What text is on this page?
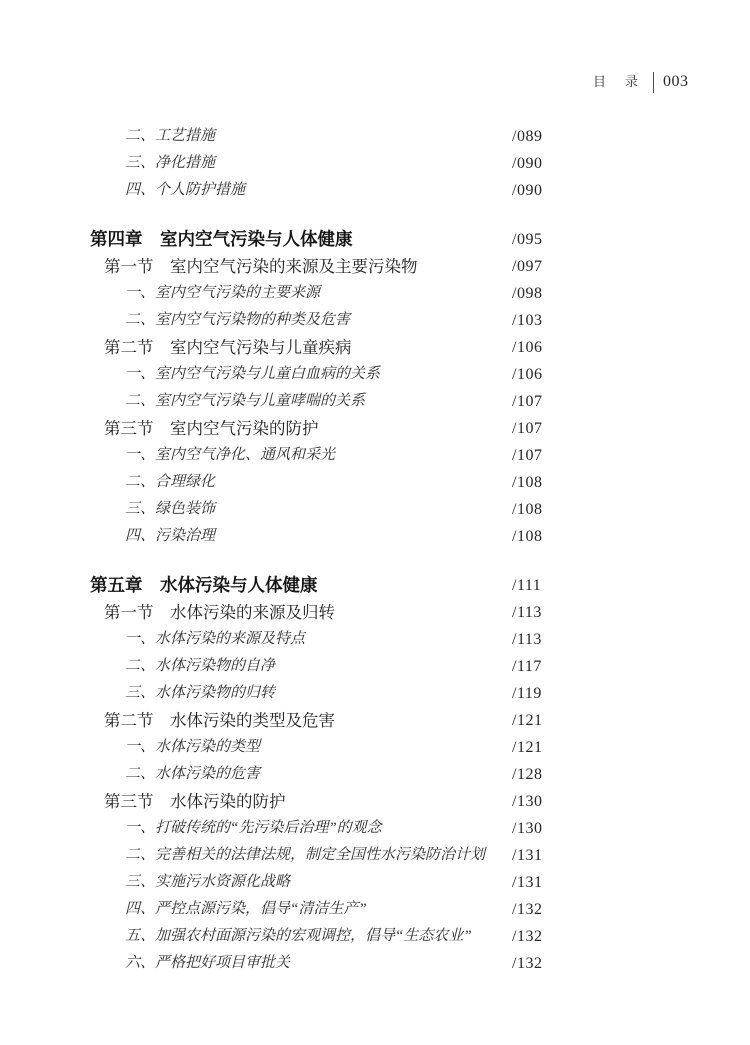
目 录 003
二、工艺措施	/089
三、净化措施	/090
四、个人防护措施	/090
第四章　室内空气污染与人体健康	/095
第一节　室内空气污染的来源及主要污染物	/097
一、室内空气污染的主要来源	/098
二、室内空气污染物的种类及危害	/103
第二节　室内空气污染与儿童疾病	/106
一、室内空气污染与儿童白血病的关系	/106
二、室内空气污染与儿童哮喘的关系	/107
第三节　室内空气污染的防护	/107
一、室内空气净化、通风和采光	/107
二、合理绿化	/108
三、绿色装饰	/108
四、污染治理	/108
第五章　水体污染与人体健康	/111
第一节　水体污染的来源及归转	/113
一、水体污染的来源及特点	/113
二、水体污染物的自净	/117
三、水体污染物的归转	/119
第二节　水体污染的类型及危害	/121
一、水体污染的类型	/121
二、水体污染的危害	/128
第三节　水体污染的防护	/130
一、打破传统的“先污染后治理”的观念	/130
二、完善相关的法律法规，制定全国性水污染防治计划 /131
三、实施污水资源化战略	/131
四、严控点源污染，倡导“清洁生产”	/132
五、加强农村面源污染的宏观调控，倡导“生态农业”	/132
六、严格把好项目审批关	/132
